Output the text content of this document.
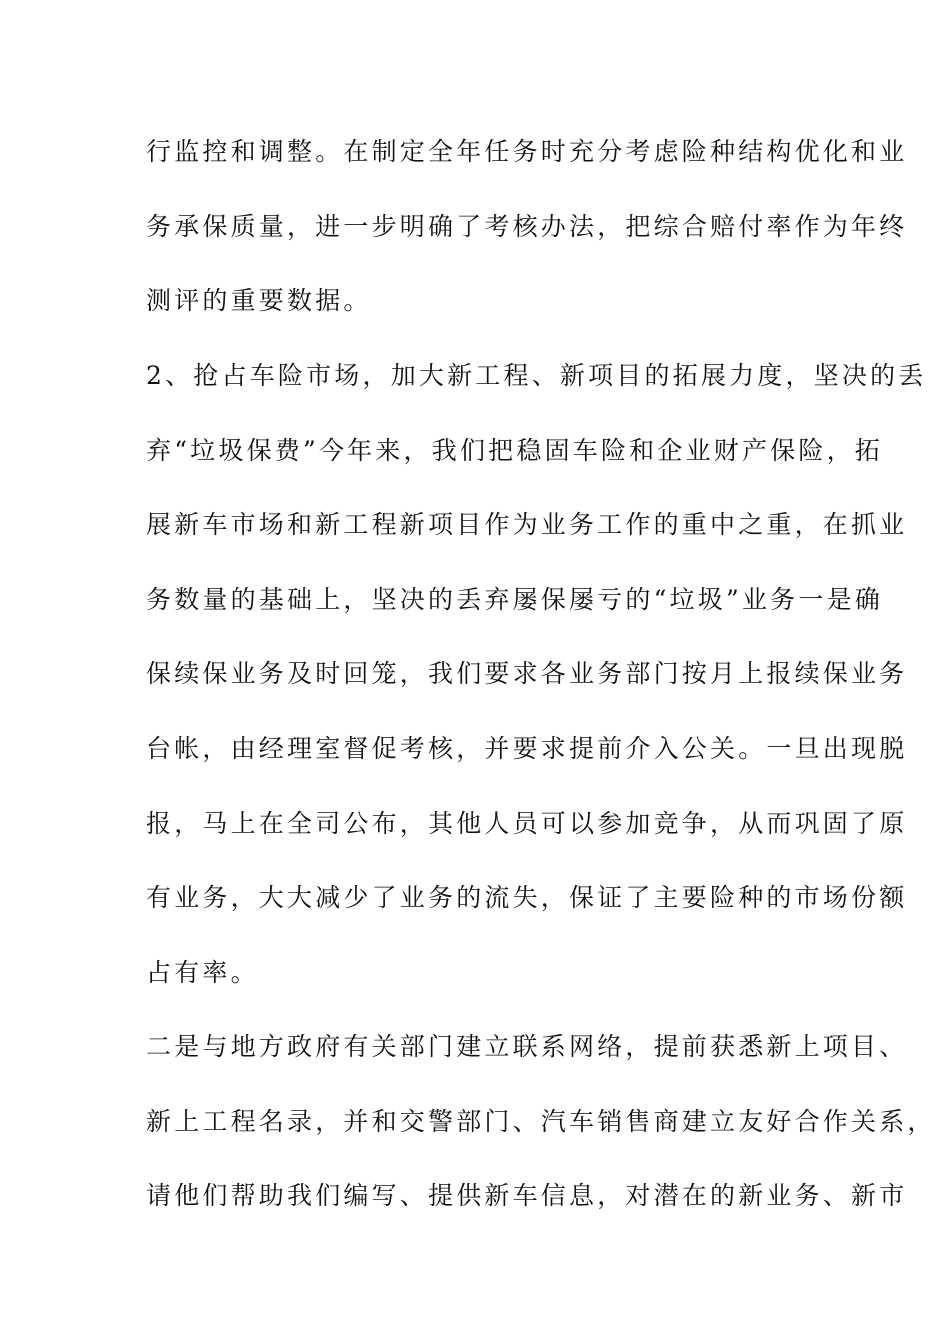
行监控和调整。在制定全年任务时充分考虑险种结构优化和业
务承保质量，进一步明确了考核办法，把综合赔付率作为年终
测评的重要数据。
2、抢占车险市场，加大新工程、新项目的拓展力度，坚决的丢
弃“垃圾保费”今年来，我们把稳固车险和企业财产保险，拓
展新车市场和新工程新项目作为业务工作的重中之重，在抓业
务数量的基础上，坚决的丢弃屡保屡亏的“垃圾”业务一是确
保续保业务及时回笼，我们要求各业务部门按月上报续保业务
台帐，由经理室督促考核，并要求提前介入公关。一旦出现脱
报，马上在全司公布，其他人员可以参加竞争，从而巩固了原
有业务，大大减少了业务的流失，保证了主要险种的市场份额
占有率。
二是与地方政府有关部门建立联系网络，提前获悉新上项目、
新上工程名录，并和交警部门、汽车销售商建立友好合作关系，
请他们帮助我们编写、提供新车信息，对潜在的新业务、新市
